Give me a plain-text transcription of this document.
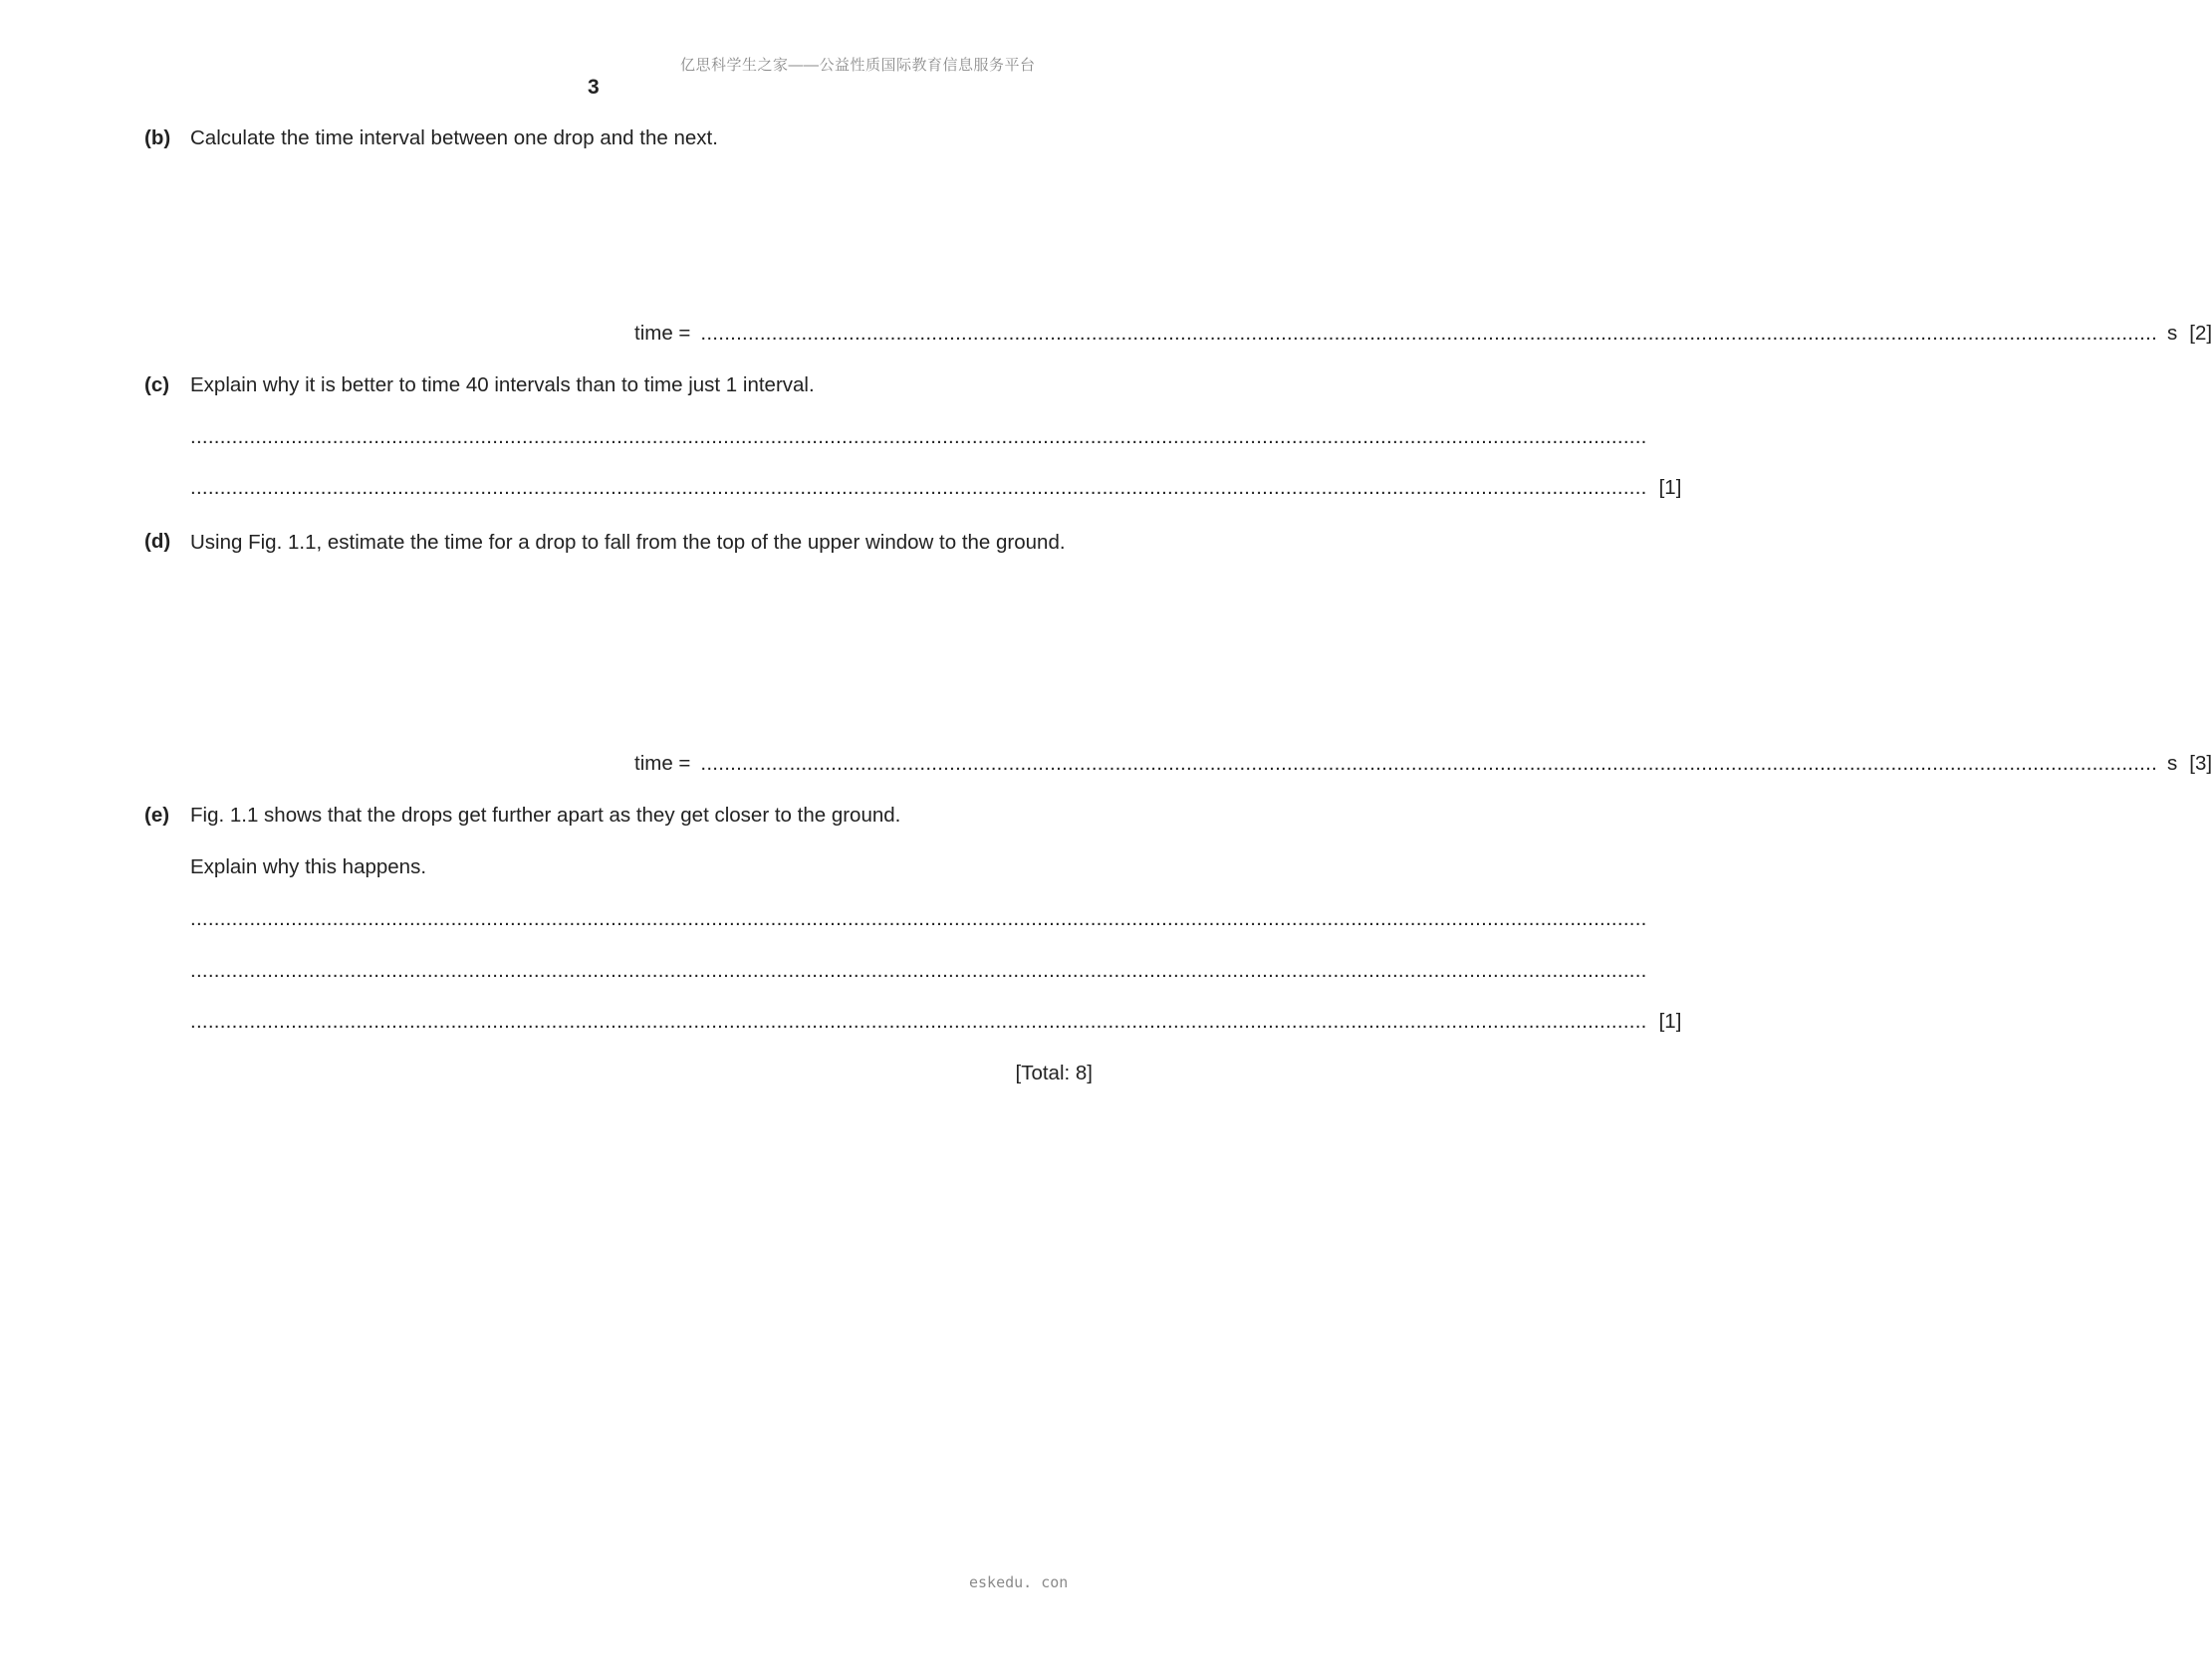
亿思科学生之家——公益性质国际教育信息服务平台
3
(b) Calculate the time interval between one drop and the next.
time = ...................................................................................................................................................................................................................................................... s [2]
(c) Explain why it is better to time 40 intervals than to time just 1 interval.
......................................................................................................................................................................................................................................................
...................................................................................................................................................................................................................................................... [1]
(d) Using Fig. 1.1, estimate the time for a drop to fall from the top of the upper window to the ground.
time = ...................................................................................................................................................................................................................................................... s [3]
(e) Fig. 1.1 shows that the drops get further apart as they get closer to the ground.
Explain why this happens.
......................................................................................................................................................................................................................................................
......................................................................................................................................................................................................................................................
...................................................................................................................................................................................................................................................... [1]
[Total: 8]
eskedu. con
